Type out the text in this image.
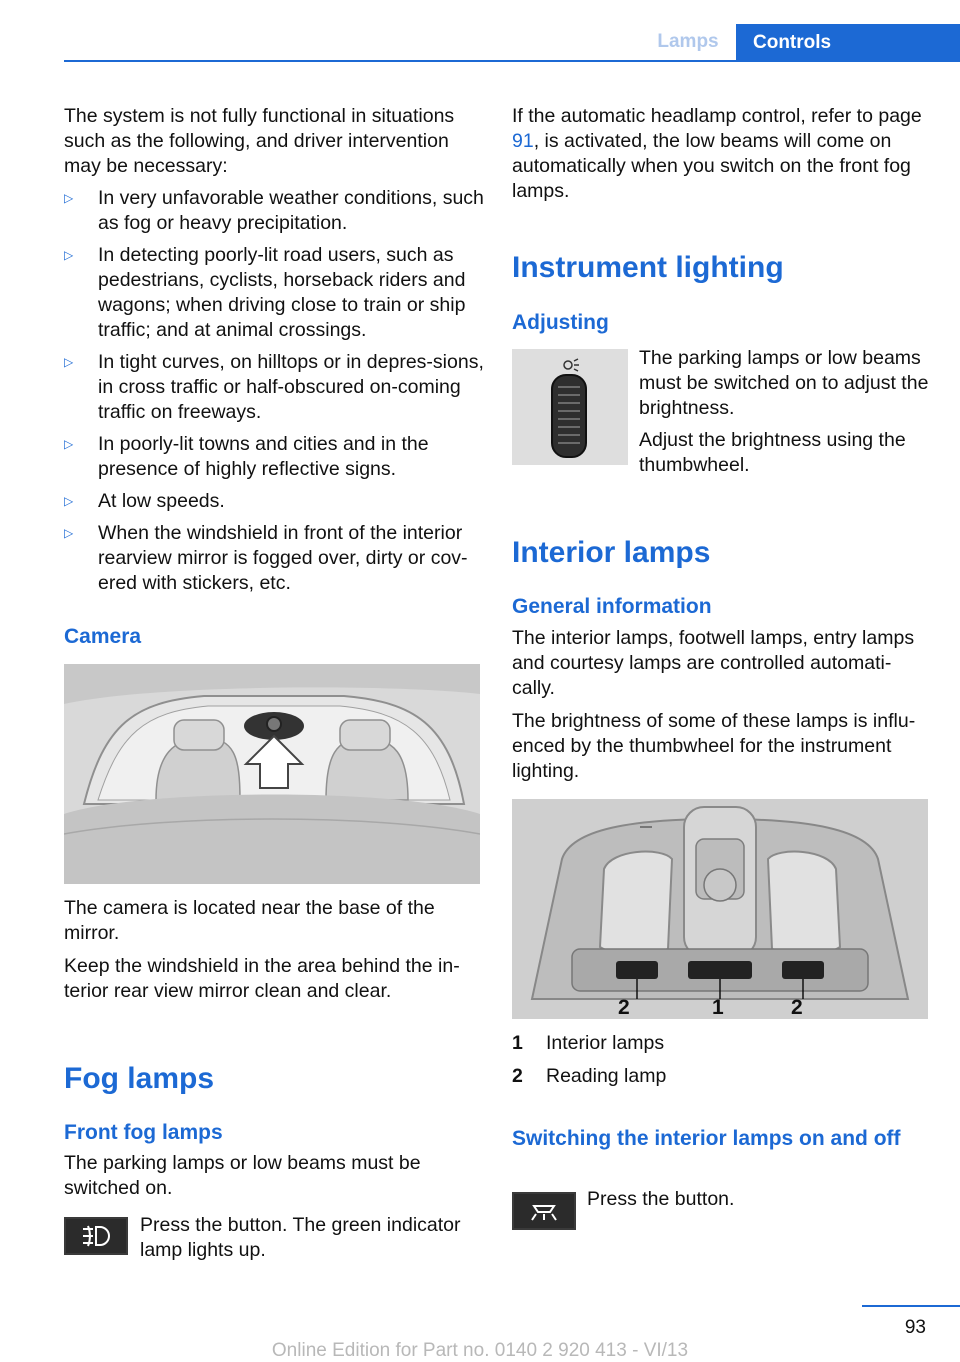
Lamps	Controls

The system is not fully functional in situations such as the following, and driver intervention may be necessary:

▷ In very unfavorable weather conditions, such as fog or heavy precipitation.
▷ In detecting poorly-lit road users, such as pedestrians, cyclists, horseback riders and wagons; when driving close to train or ship traffic; and at animal crossings.
▷ In tight curves, on hilltops or in depres‐sions, in cross traffic or half-obscured on‐coming traffic on freeways.
▷ In poorly-lit towns and cities and in the presence of highly reflective signs.
▷ At low speeds.
▷ When the windshield in front of the interior rearview mirror is fogged over, dirty or cov‐ered with stickers, etc.
Camera

The camera is located near the base of the mirror.

Keep the windshield in the area behind the in‐terior rear view mirror clean and clear.

Fog lamps
Front fog lamps

The parking lamps or low beams must be switched on.

Press the button. The green indicator lamp lights up.

If the automatic headlamp control, refer to page 91, is activated, the low beams will come on automatically when you switch on the front fog lamps.

Instrument lighting
Adjusting

The parking lamps or low beams must be switched on to adjust the brightness.

Adjust the brightness using the thumbwheel.

Interior lamps
General information

The interior lamps, footwell lamps, entry lamps and courtesy lamps are controlled automati‐cally.

The brightness of some of these lamps is influ‐enced by the thumbwheel for the instrument lighting.

2	1	2
1 Interior lamps
2 Reading lamp
Switching the interior lamps on and off

Press the button.

93
Online Edition for Part no. 0140 2 920 413 - VI/13
